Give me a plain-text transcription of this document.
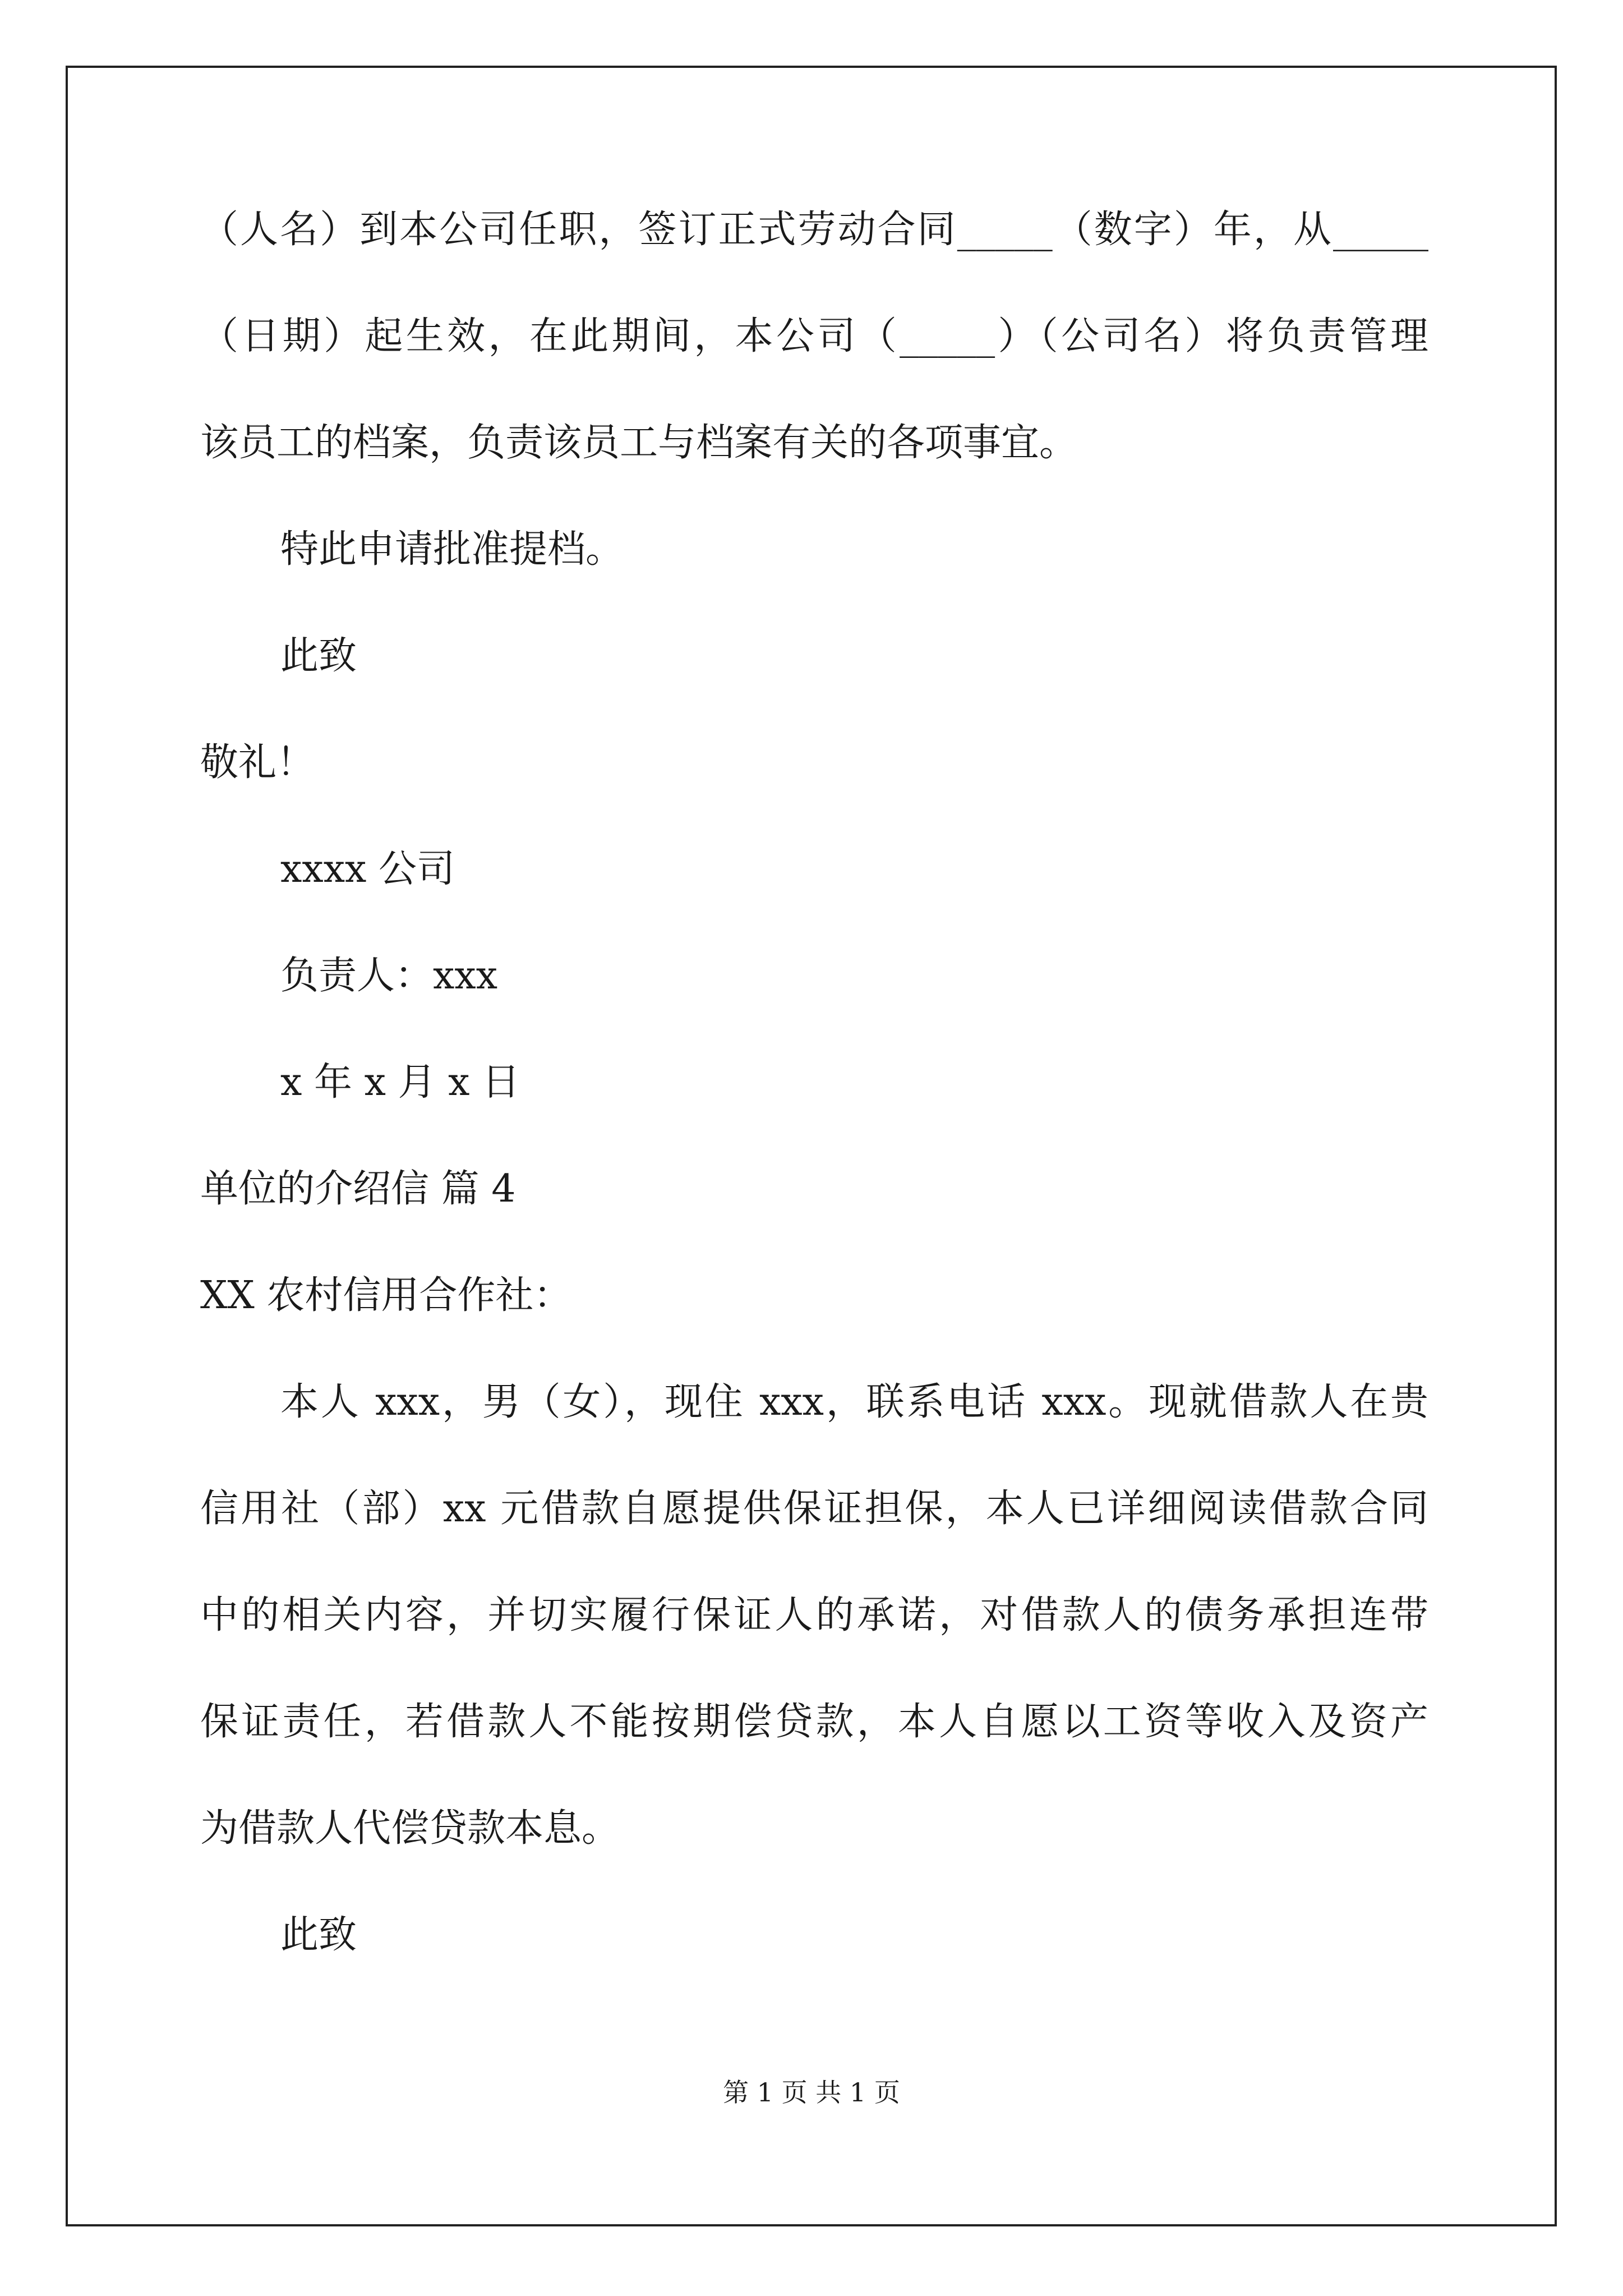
（人名）到本公司任职，签订正式劳动合同_____（数字）年，从_____
（日期）起生效，在此期间，本公司（_____）（公司名）将负责管理
该员工的档案，负责该员工与档案有关的各项事宜。
特此申请批准提档。
此致
敬礼！
xxxx 公司
负责人：xxx
x 年 x 月 x 日
单位的介绍信 篇 4
XX 农村信用合作社：
本人 xxx，男（女），现住 xxx，联系电话 xxx。现就借款人在贵
信用社（部）xx 元借款自愿提供保证担保，本人已详细阅读借款合同
中的相关内容，并切实履行保证人的承诺，对借款人的债务承担连带
保证责任，若借款人不能按期偿贷款，本人自愿以工资等收入及资产
为借款人代偿贷款本息。
此致
第 1 页 共 1 页
